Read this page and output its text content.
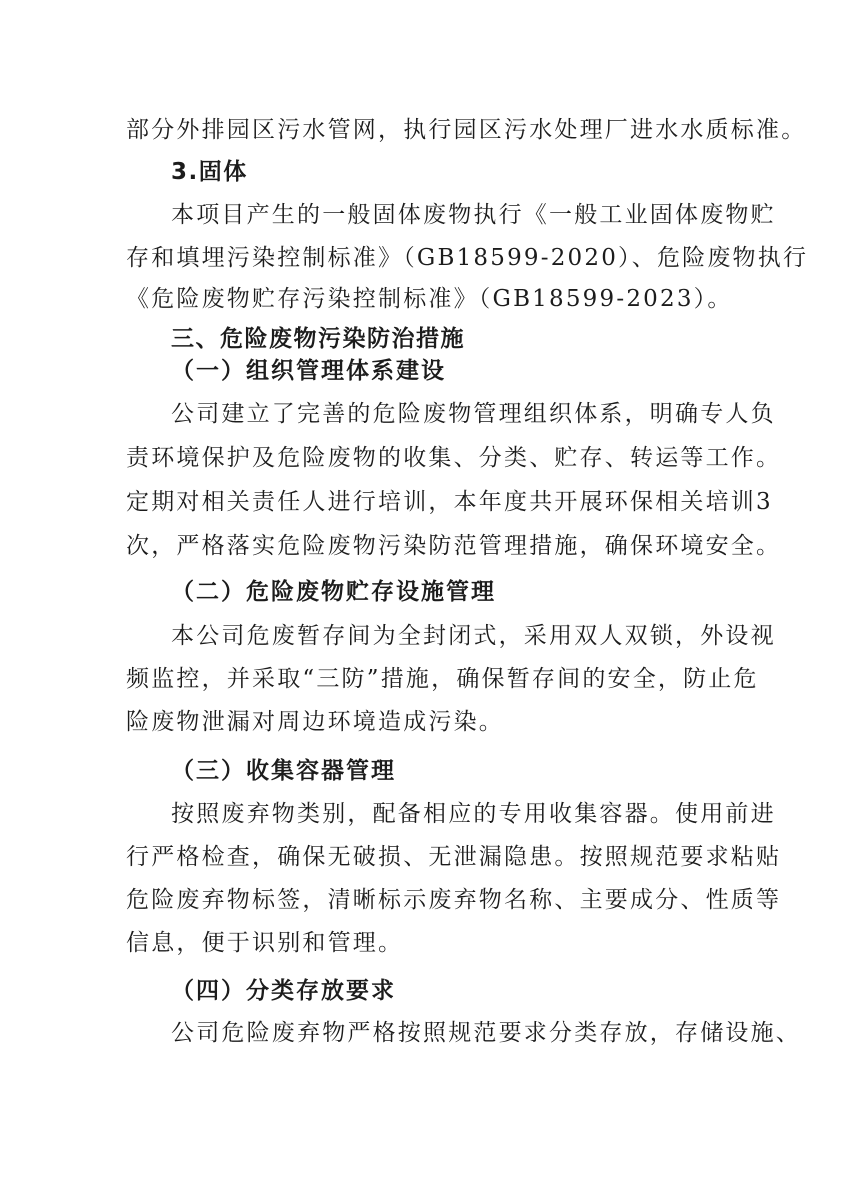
部分外排园区污水管网，执行园区污水处理厂进水水质标准。
3.固体
本项目产生的一般固体废物执行《一般工业固体废物贮
存和填埋污染控制标准》（GB18599-2020）、危险废物执行
《危险废物贮存污染控制标准》（GB18599-2023）。
三、危险废物污染防治措施
（一）组织管理体系建设
公司建立了完善的危险废物管理组织体系，明确专人负
责环境保护及危险废物的收集、分类、贮存、转运等工作。
定期对相关责任人进行培训，本年度共开展环保相关培训3
次，严格落实危险废物污染防范管理措施，确保环境安全。
（二）危险废物贮存设施管理
本公司危废暂存间为全封闭式，采用双人双锁，外设视
频监控，并采取“三防”措施，确保暂存间的安全，防止危
险废物泄漏对周边环境造成污染。
（三）收集容器管理
按照废弃物类别，配备相应的专用收集容器。使用前进
行严格检查，确保无破损、无泄漏隐患。按照规范要求粘贴
危险废弃物标签，清晰标示废弃物名称、主要成分、性质等
信息，便于识别和管理。
（四）分类存放要求
公司危险废弃物严格按照规范要求分类存放，存储设施、
